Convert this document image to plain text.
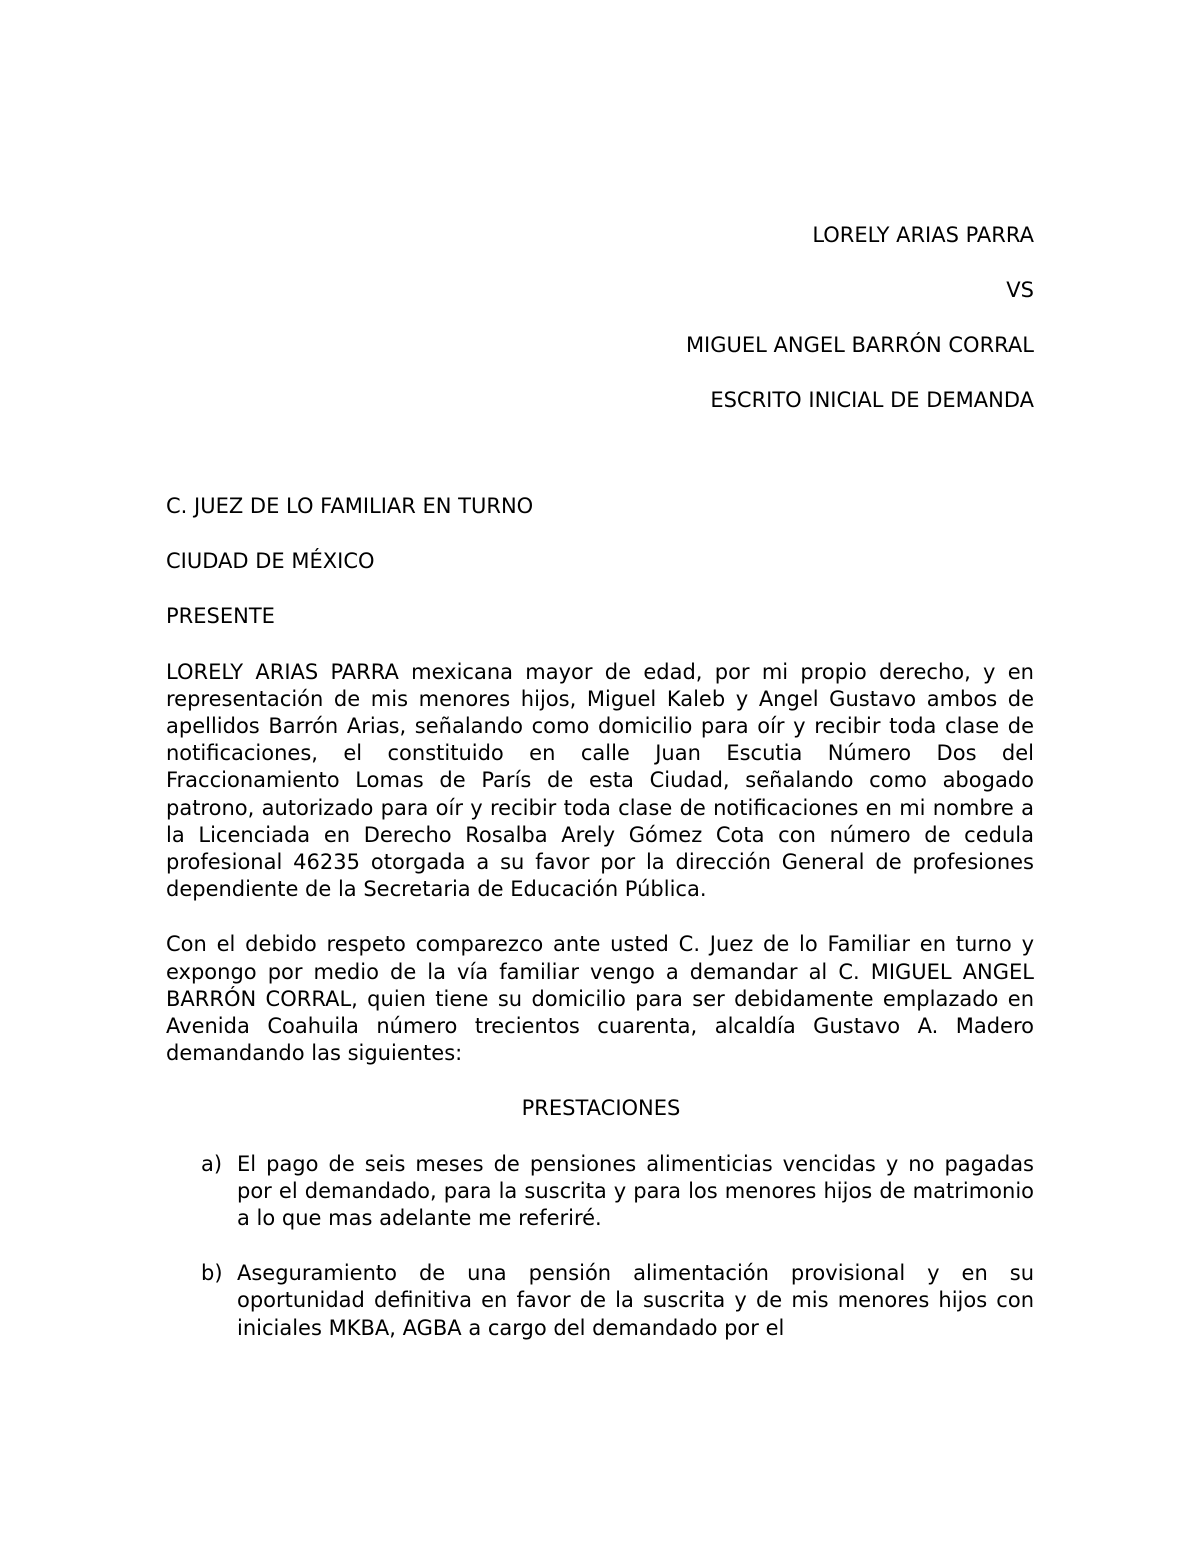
LORELY ARIAS PARRA
VS
MIGUEL ANGEL BARRÓN CORRAL
ESCRITO INICIAL DE DEMANDA
C. JUEZ DE LO FAMILIAR EN TURNO
CIUDAD DE MÉXICO
PRESENTE

LORELY ARIAS PARRA mexicana mayor de edad, por mi propio derecho, y en representación de mis menores hijos, Miguel Kaleb y Angel Gustavo ambos de apellidos Barrón Arias, señalando como domicilio para oír y recibir toda clase de notificaciones, el constituido en calle Juan Escutia Número Dos del Fraccionamiento Lomas de París de esta Ciudad, señalando como abogado patrono, autorizado para oír y recibir toda clase de notificaciones en mi nombre a la Licenciada en Derecho Rosalba Arely Gómez Cota con número de cedula profesional 46235 otorgada a su favor por la dirección General de profesiones dependiente de la Secretaria de Educación Pública.

Con el debido respeto comparezco ante usted C. Juez de lo Familiar en turno y expongo por medio de la vía familiar vengo a demandar al C. MIGUEL ANGEL BARRÓN CORRAL, quien tiene su domicilio para ser debidamente emplazado en Avenida Coahuila número trecientos cuarenta, alcaldía Gustavo A. Madero demandando las siguientes:

PRESTACIONES
a) El pago de seis meses de pensiones alimenticias vencidas y no pagadas por el demandado, para la suscrita y para los menores hijos de matrimonio a lo que mas adelante me referiré.
b) Aseguramiento de una pensión alimentación provisional y en su oportunidad definitiva en favor de la suscrita y de mis menores hijos con iniciales MKBA, AGBA a cargo del demandado por el
